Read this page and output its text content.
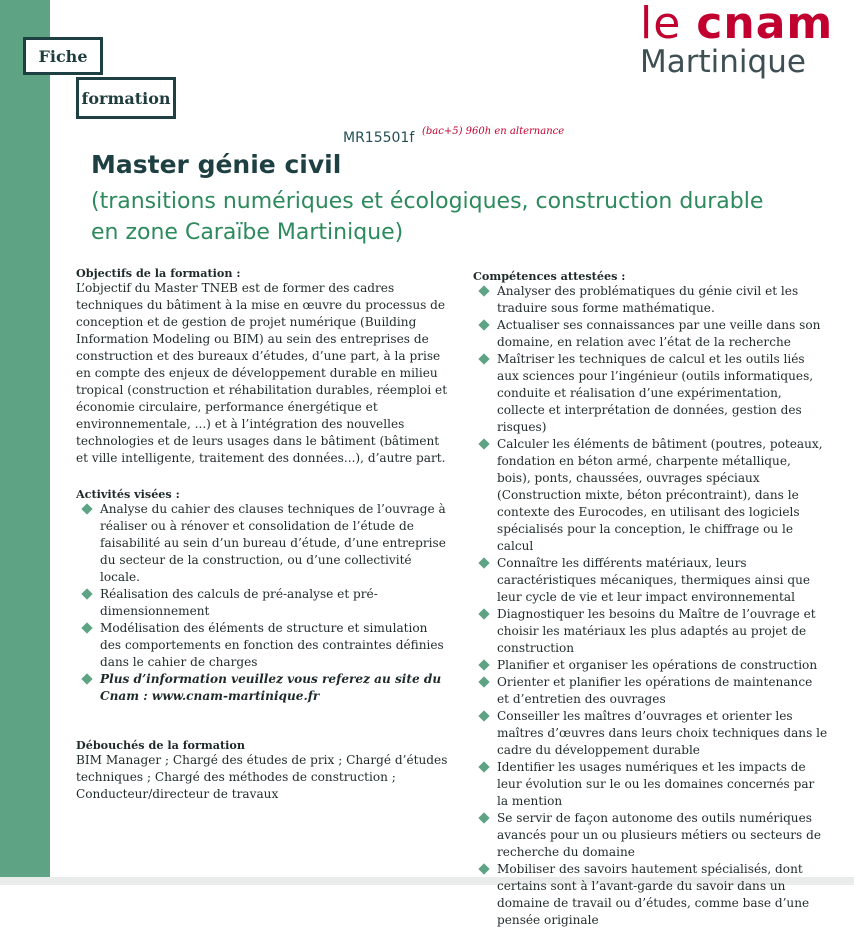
Fiche
formation
le cnam
Martinique
MR15501f (bac+5) 960h en alternance
Master génie civil

(transitions numériques et écologiques, construction durable en zone Caraïbe Martinique)

Objectifs de la formation :

L’objectif du Master TNEB est de former des cadres techniques du bâtiment à la mise en œuvre du processus de conception et de gestion de projet numérique (Building Information Modeling ou BIM) au sein des entreprises de construction et des bureaux d’études, d’une part, à la prise en compte des enjeux de développement durable en milieu tropical (construction et réhabilitation durables, réemploi et économie circulaire, performance énergétique et environnementale, ...) et à l’intégration des nouvelles technologies et de leurs usages dans le bâtiment (bâtiment et ville intelligente, traitement des données...), d’autre part.

Activités visées :

Analyse du cahier des clauses techniques de l’ouvrage à réaliser ou à rénover et consolidation de l’étude de faisabilité au sein d’un bureau d’étude, d’une entreprise du secteur de la construction, ou d’une collectivité locale.
Réalisation des calculs de pré-analyse et pré-dimensionnement
Modélisation des éléments de structure et simulation des comportements en fonction des contraintes définies dans le cahier de charges
Plus d’information veuillez vous referez au site du Cnam : www.cnam-martinique.fr

Débouchés de la formation

BIM Manager ; Chargé des études de prix ; Chargé d’études techniques ; Chargé des méthodes de construction ; Conducteur/directeur de travaux

Compétences attestées :

Analyser des problématiques du génie civil et les traduire sous forme mathématique.
Actualiser ses connaissances par une veille dans son domaine, en relation avec l’état de la recherche
Maîtriser les techniques de calcul et les outils liés aux sciences pour l’ingénieur (outils informatiques, conduite et réalisation d’une expérimentation, collecte et interprétation de données, gestion des risques)
Calculer les éléments de bâtiment (poutres, poteaux, fondation en béton armé, charpente métallique, bois), ponts, chaussées, ouvrages spéciaux (Construction mixte, béton précontraint), dans le contexte des Eurocodes, en utilisant des logiciels spécialisés pour la conception, le chiffrage ou le calcul
Connaître les différents matériaux, leurs caractéristiques mécaniques, thermiques ainsi que leur cycle de vie et leur impact environnemental
Diagnostiquer les besoins du Maître de l’ouvrage et choisir les matériaux les plus adaptés au projet de construction
Planifier et organiser les opérations de construction
Orienter et planifier les opérations de maintenance et d’entretien des ouvrages
Conseiller les maîtres d’ouvrages et orienter les maîtres d’œuvres dans leurs choix techniques dans le cadre du développement durable
Identifier les usages numériques et les impacts de leur évolution sur le ou les domaines concernés par la mention
Se servir de façon autonome des outils numériques avancés pour un ou plusieurs métiers ou secteurs de recherche du domaine
Mobiliser des savoirs hautement spécialisés, dont certains sont à l’avant-garde du savoir dans un domaine de travail ou d’études, comme base d’une pensée originale
